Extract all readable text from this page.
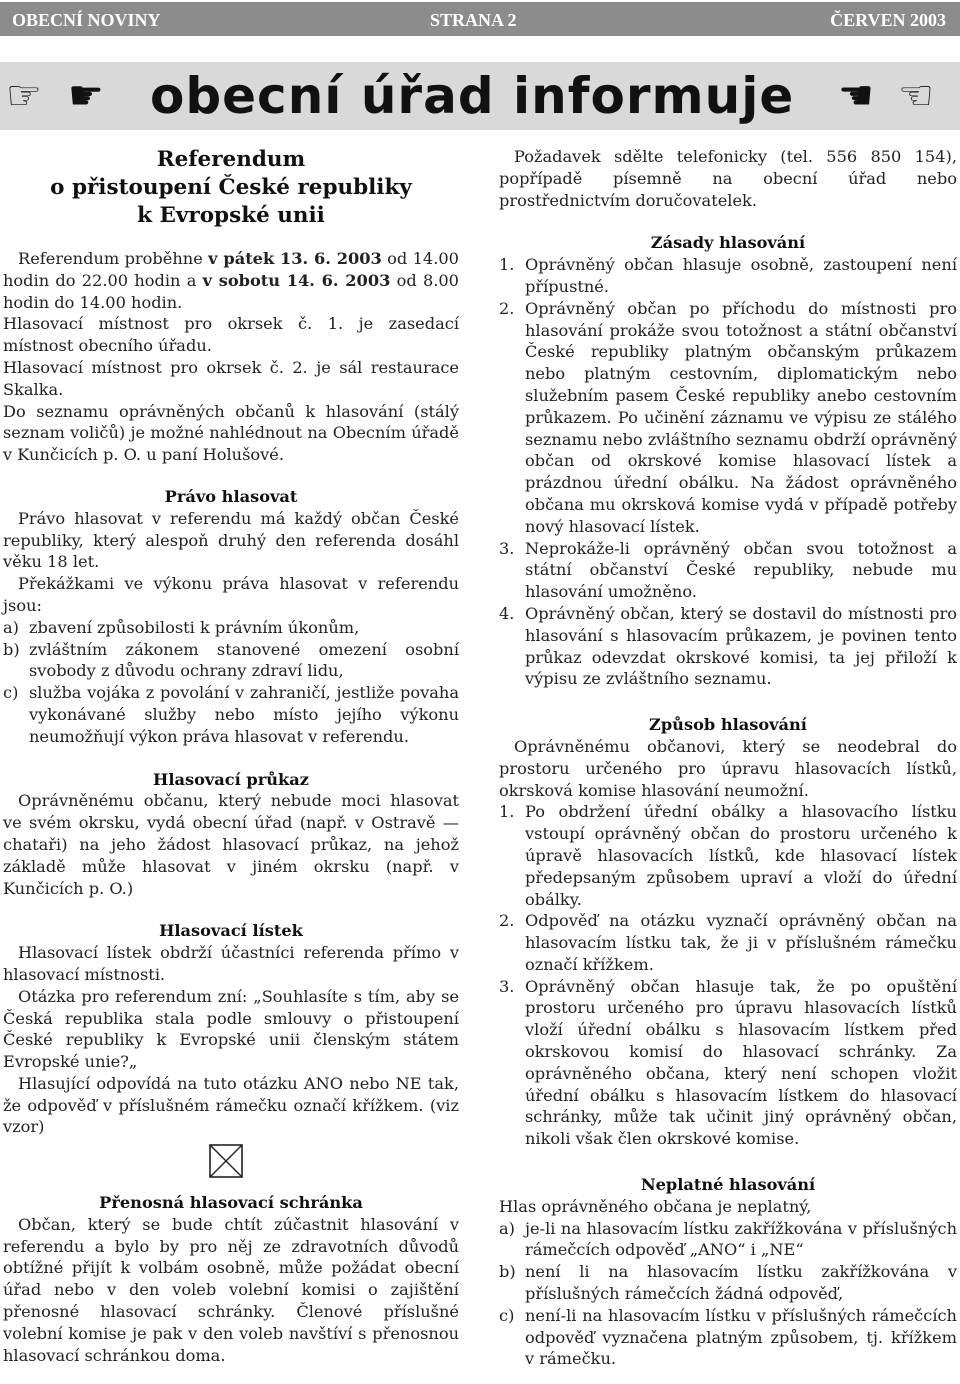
OBECNÍ NOVINY	STRANA 2	ČERVEN 2003
☞ ☛ obecní úřad informuje ☚ ☜
Referendum
o přistoupení České republiky
k Evropské unii

Referendum proběhne v pátek 13. 6. 2003 od 14.00 hodin do 22.00 hodin a v sobotu 14. 6. 2003 od 8.00 hodin do 14.00 hodin.

Hlasovací místnost pro okrsek č. 1. je zasedací místnost obecního úřadu.

Hlasovací místnost pro okrsek č. 2. je sál restaurace Skalka.

Do seznamu oprávněných občanů k hlasování (stálý seznam voličů) je možné nahlédnout na Obecním úřadě v Kunčicích p. O. u paní Holušové.

Právo hlasovat

Právo hlasovat v referendu má každý občan České republiky, který alespoň druhý den referenda dosáhl věku 18 let.

Překážkami ve výkonu práva hlasovat v referendu jsou:

a) zbavení způsobilosti k právním úkonům,
b) zvláštním zákonem stanovené omezení osobní svobody z důvodu ochrany zdraví lidu,
c) služba vojáka z povolání v zahraničí, jestliže povaha vykonávané služby nebo místo jejího výkonu neumožňují výkon práva hlasovat v referendu.

Hlasovací průkaz

Oprávněnému občanu, který nebude moci hlasovat ve svém okrsku, vydá obecní úřad (např. v Ostravě — chataři) na jeho žádost hlasovací průkaz, na jehož základě může hlasovat v jiném okrsku (např. v Kunčicích p. O.)

Hlasovací lístek

Hlasovací lístek obdrží účastníci referenda přímo v hlasovací místnosti.

Otázka pro referendum zní: „Souhlasíte s tím, aby se Česká republika stala podle smlouvy o přistoupení České republiky k Evropské unii členským státem Evropské unie?„

Hlasující odpovídá na tuto otázku ANO nebo NE tak, že odpověď v příslušném rámečku označí křížkem. (viz vzor)

Přenosná hlasovací schránka

Občan, který se bude chtít zúčastnit hlasování v referendu a bylo by pro něj ze zdravotních důvodů obtížné přijít k volbám osobně, může požádat obecní úřad nebo v den voleb volební komisi o zajištění přenosné hlasovací schránky. Členové příslušné volební komise je pak v den voleb navštíví s přenosnou hlasovací schránkou doma.

Požadavek sdělte telefonicky (tel. 556 850 154), popřípadě písemně na obecní úřad nebo prostřednictvím doručovatelek.

Zásady hlasování

1. Oprávněný občan hlasuje osobně, zastoupení není přípustné.
2. Oprávněný občan po příchodu do místnosti pro hlasování prokáže svou totožnost a státní občanství České republiky platným občanským průkazem nebo platným cestovním, diplomatickým nebo služebním pasem České republiky anebo cestovním průkazem. Po učinění záznamu ve výpisu ze stálého seznamu nebo zvláštního seznamu obdrží oprávněný občan od okrskové komise hlasovací lístek a prázdnou úřední obálku. Na žádost oprávněného občana mu okrsková komise vydá v případě potřeby nový hlasovací lístek.
3. Neprokáže-li oprávněný občan svou totožnost a státní občanství České republiky, nebude mu hlasování umožněno.
4. Oprávněný občan, který se dostavil do místnosti pro hlasování s hlasovacím průkazem, je povinen tento průkaz odevzdat okrskové komisi, ta jej přiloží k výpisu ze zvláštního seznamu.

Způsob hlasování

Oprávněnému občanovi, který se neodebral do prostoru určeného pro úpravu hlasovacích lístků, okrsková komise hlasování neumožní.

1. Po obdržení úřední obálky a hlasovacího lístku vstoupí oprávněný občan do prostoru určeného k úpravě hlasovacích lístků, kde hlasovací lístek předepsaným způsobem upraví a vloží do úřední obálky.
2. Odpověď na otázku vyznačí oprávněný občan na hlasovacím lístku tak, že ji v příslušném rámečku označí křížkem.
3. Oprávněný občan hlasuje tak, že po opuštění prostoru určeného pro úpravu hlasovacích lístků vloží úřední obálku s hlasovacím lístkem před okrskovou komisí do hlasovací schránky. Za oprávněného občana, který není schopen vložit úřední obálku s hlasovacím lístkem do hlasovací schránky, může tak učinit jiný oprávněný občan, nikoli však člen okrskové komise.

Neplatné hlasování

Hlas oprávněného občana je neplatný,

a) je-li na hlasovacím lístku zakřížkována v příslušných rámečcích odpověď „ANO“ i „NE“
b) není li na hlasovacím lístku zakřížkována v příslušných rámečcích žádná odpověď,
c) není-li na hlasovacím lístku v příslušných rámečcích odpověď vyznačena platným způsobem, tj. křížkem v rámečku.
